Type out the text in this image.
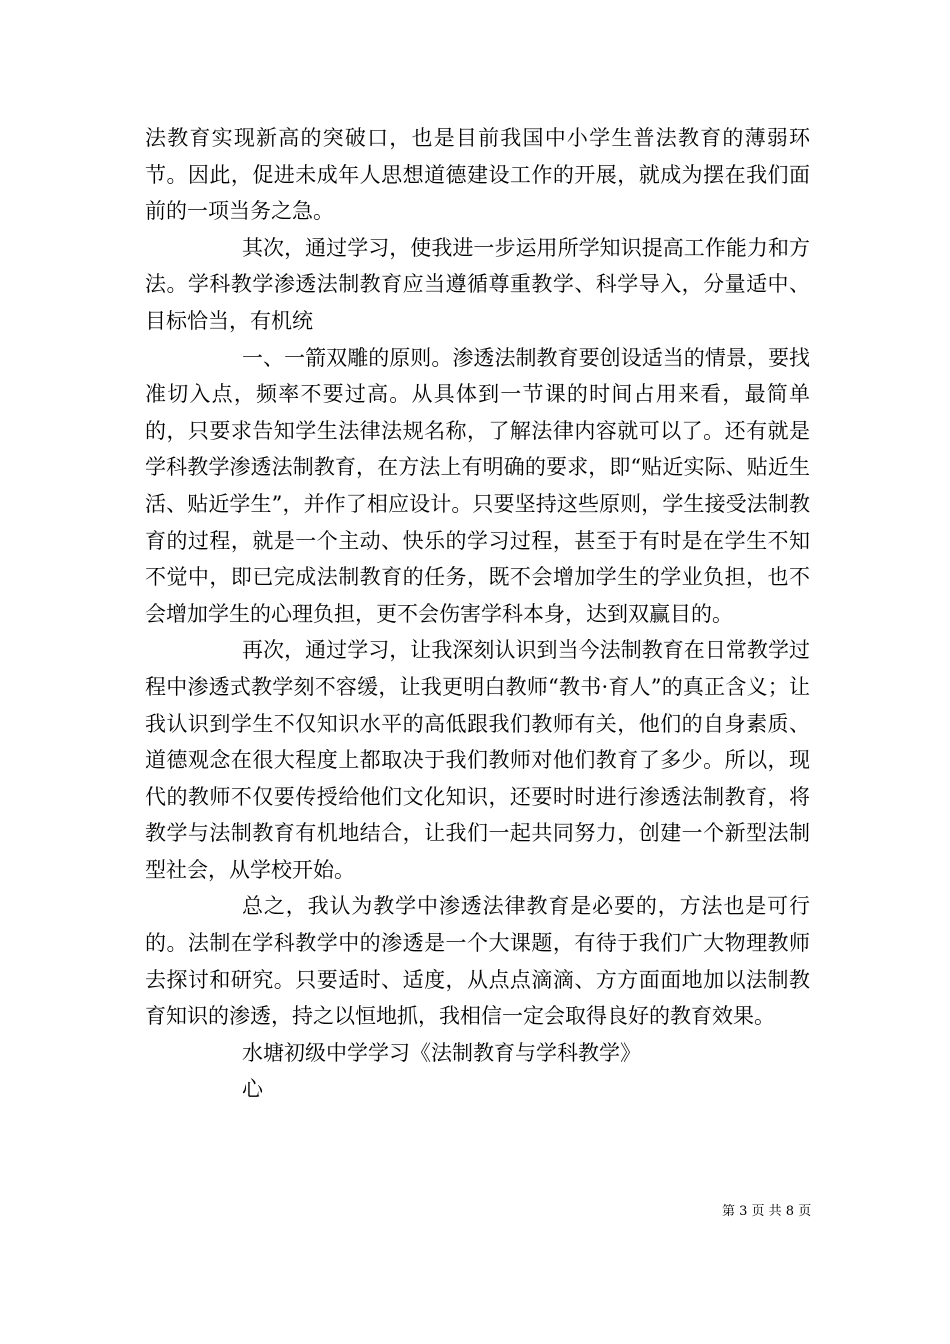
法教育实现新高的突破口，也是目前我国中小学生普法教育的薄弱环节。因此，促进未成年人思想道德建设工作的开展，就成为摆在我们面前的一项当务之急。

其次，通过学习，使我进一步运用所学知识提高工作能力和方法。学科教学渗透法制教育应当遵循尊重教学、科学导入，分量适中、目标恰当，有机统

一、一箭双雕的原则。渗透法制教育要创设适当的情景，要找准切入点，频率不要过高。从具体到一节课的时间占用来看，最简单的，只要求告知学生法律法规名称，了解法律内容就可以了。还有就是学科教学渗透法制教育，在方法上有明确的要求，即“贴近实际、贴近生活、贴近学生”，并作了相应设计。只要坚持这些原则，学生接受法制教育的过程，就是一个主动、快乐的学习过程，甚至于有时是在学生不知不觉中，即已完成法制教育的任务，既不会增加学生的学业负担，也不会增加学生的心理负担，更不会伤害学科本身，达到双赢目的。

再次，通过学习，让我深刻认识到当今法制教育在日常教学过程中渗透式教学刻不容缓，让我更明白教师“教书·育人”的真正含义；让我认识到学生不仅知识水平的高低跟我们教师有关，他们的自身素质、道德观念在很大程度上都取决于我们教师对他们教育了多少。所以，现代的教师不仅要传授给他们文化知识，还要时时进行渗透法制教育，将教学与法制教育有机地结合，让我们一起共同努力，创建一个新型法制型社会，从学校开始。

总之，我认为教学中渗透法律教育是必要的，方法也是可行的。法制在学科教学中的渗透是一个大课题，有待于我们广大物理教师去探讨和研究。只要适时、适度，从点点滴滴、方方面面地加以法制教育知识的渗透，持之以恒地抓，我相信一定会取得良好的教育效果。

水塘初级中学学习《法制教育与学科教学》

心

第 3 页 共 8 页
